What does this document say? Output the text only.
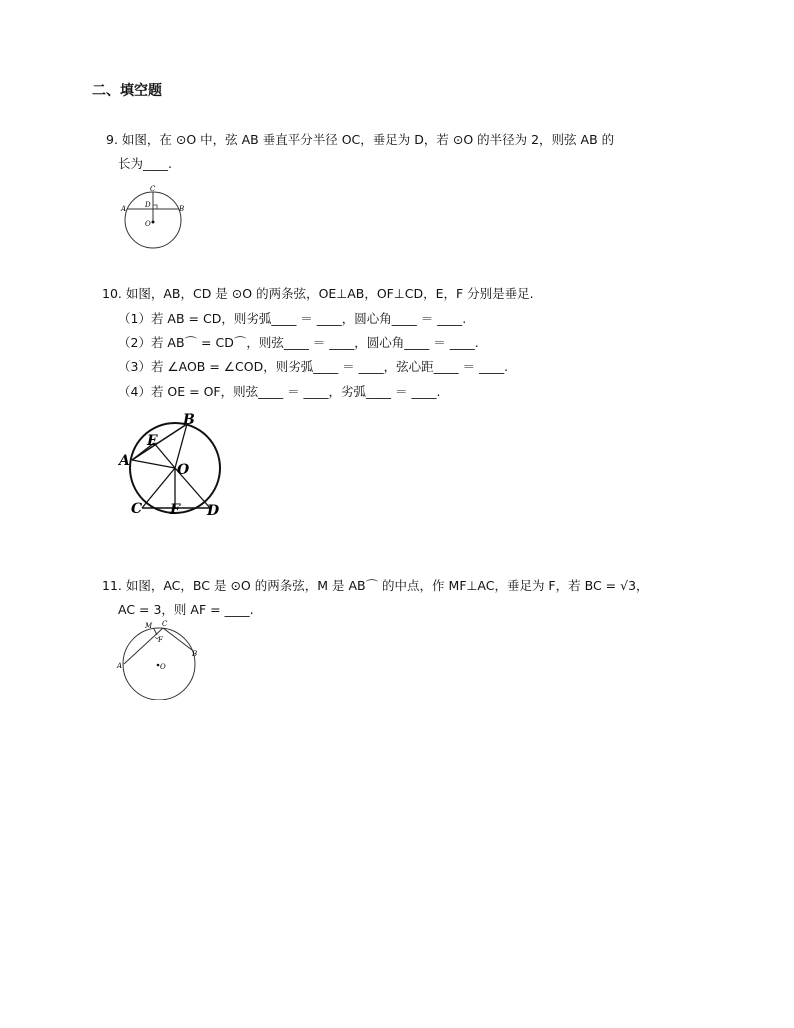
二、填空题
9. 如图，在 ⊙O 中，弦 AB 垂直平分半径 OC，垂足为 D，若 ⊙O 的半径为 2，则弦 AB 的
长为____.
C
A	B
D
O
10. 如图，AB，CD 是 ⊙O 的两条弦，OE⊥AB，OF⊥CD，E，F 分别是垂足.
（1）若 AB = CD，则劣弧____ ＝ ____，圆心角____ ＝ ____.
（2）若 AB⌒ = CD⌒，则弦____ ＝ ____，圆心角____ ＝ ____.
（3）若 ∠AOB = ∠COD，则劣弧____ ＝ ____，弦心距____ ＝ ____.
（4）若 OE = OF，则弦____ ＝ ____，劣弧____ ＝ ____.
A
B
C	D
E
F
O
11. 如图，AC，BC 是 ⊙O 的两条弦，M 是 AB⌒ 的中点，作 MF⊥AC，垂足为 F，若 BC = √3，
AC = 3，则 AF = ____.
M C
A
B
F
O
